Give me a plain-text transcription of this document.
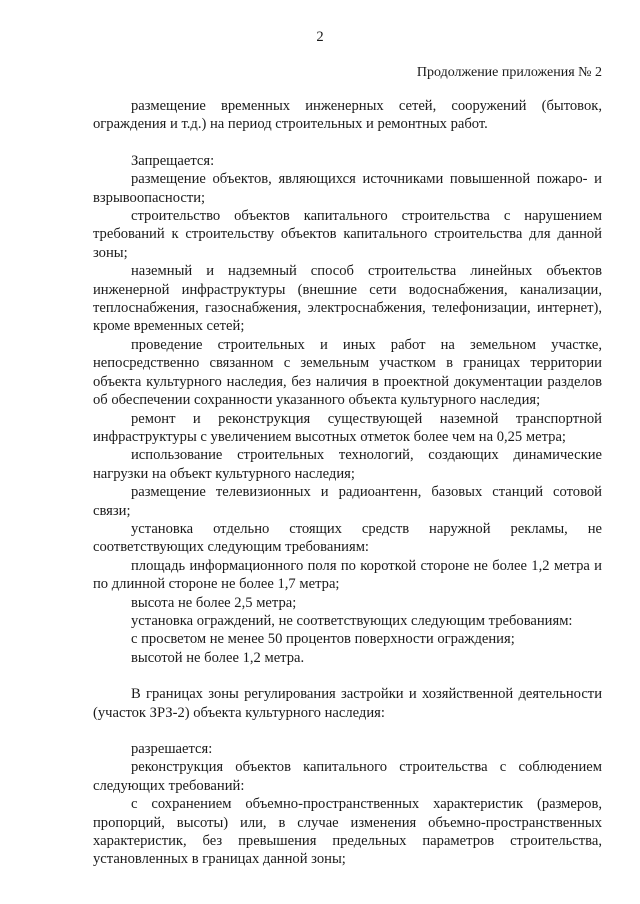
2
Продолжение приложения № 2

размещение временных инженерных сетей, сооружений (бытовок, ограждения и т.д.) на период строительных и ремонтных работ.

Запрещается:

размещение объектов, являющихся источниками повышенной пожаро- и взрывоопасности;

строительство объектов капитального строительства с нарушением требований к строительству объектов капитального строительства для данной зоны;

наземный и надземный способ строительства линейных объектов инженерной инфраструктуры (внешние сети водоснабжения, канализации, теплоснабжения, газоснабжения, электроснабжения, телефонизации, интернет), кроме временных сетей;

проведение строительных и иных работ на земельном участке, непосредственно связанном с земельным участком в границах территории объекта культурного наследия, без наличия в проектной документации разделов об обеспечении сохранности указанного объекта культурного наследия;

ремонт и реконструкция существующей наземной транспортной инфраструктуры с увеличением высотных отметок более чем на 0,25 метра;

использование строительных технологий, создающих динамические нагрузки на объект культурного наследия;

размещение телевизионных и радиоантенн, базовых станций сотовой связи;

установка отдельно стоящих средств наружной рекламы, не соответствующих следующим требованиям:

площадь информационного поля по короткой стороне не более 1,2 метра и по длинной стороне не более 1,7 метра;

высота не более 2,5 метра;

установка ограждений, не соответствующих следующим требованиям:

с просветом не менее 50 процентов поверхности ограждения;

высотой не более 1,2 метра.

В границах зоны регулирования застройки и хозяйственной деятельности (участок ЗРЗ-2) объекта культурного наследия:

разрешается:

реконструкция объектов капитального строительства с соблюдением следующих требований:

с сохранением объемно-пространственных характеристик (размеров, пропорций, высоты) или, в случае изменения объемно-пространственных характеристик, без превышения предельных параметров строительства, установленных в границах данной зоны;
